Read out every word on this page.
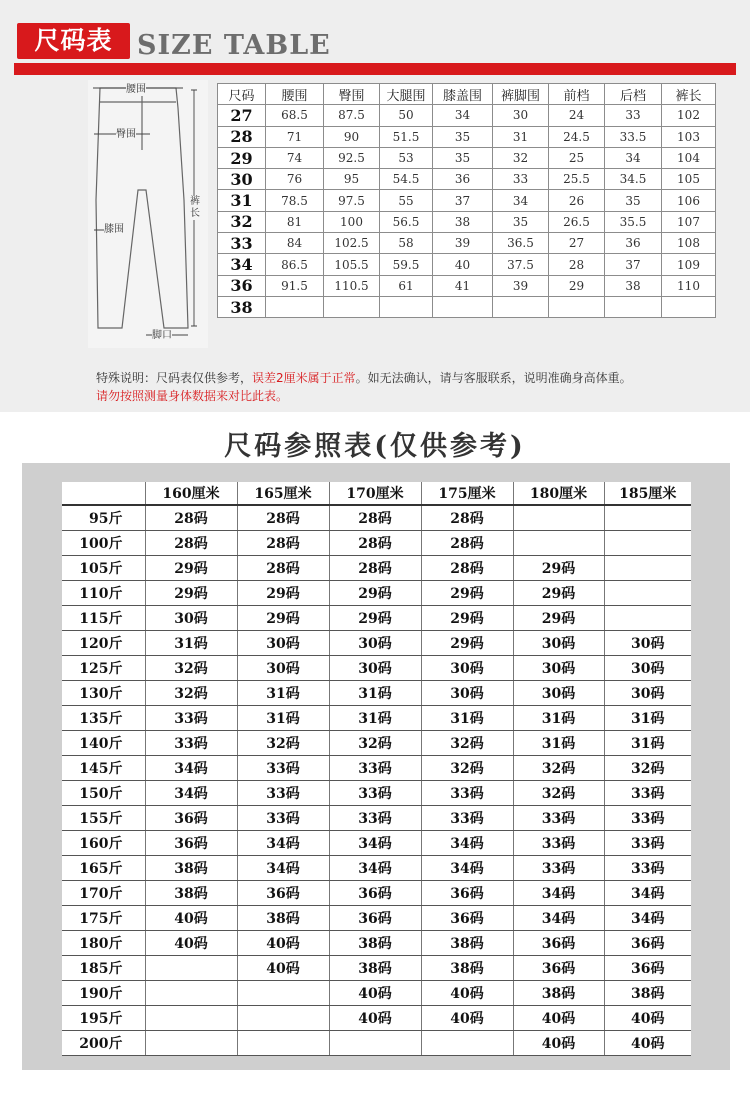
尺码表 SIZE TABLE
腰围
臀围
膝围
裤长
脚口
尺码	腰围	臀围	大腿围	膝盖围	裤脚围	前档	后档	裤长
27	68.5	87.5	50	34	30	24	33	102
28	71	90	51.5	35	31	24.5	33.5	103
29	74	92.5	53	35	32	25	34	104
30	76	95	54.5	36	33	25.5	34.5	105
31	78.5	97.5	55	37	34	26	35	106
32	81	100	56.5	38	35	26.5	35.5	107
33	84	102.5	58	39	36.5	27	36	108
34	86.5	105.5	59.5	40	37.5	28	37	109
36	91.5	110.5	61	41	39	29	38	110
38								
特殊说明：尺码表仅供参考，误差2厘米属于正常。如无法确认，请与客服联系，说明准确身高体重。
请勿按照测量身体数据来对比此表。
尺码参照表(仅供参考)
	160厘米	165厘米	170厘米	175厘米	180厘米	185厘米
95斤	28码	28码	28码	28码		
100斤	28码	28码	28码	28码		
105斤	29码	28码	28码	28码	29码	
110斤	29码	29码	29码	29码	29码	
115斤	30码	29码	29码	29码	29码	
120斤	31码	30码	30码	29码	30码	30码
125斤	32码	30码	30码	30码	30码	30码
130斤	32码	31码	31码	30码	30码	30码
135斤	33码	31码	31码	31码	31码	31码
140斤	33码	32码	32码	32码	31码	31码
145斤	34码	33码	33码	32码	32码	32码
150斤	34码	33码	33码	33码	32码	33码
155斤	36码	33码	33码	33码	33码	33码
160斤	36码	34码	34码	34码	33码	33码
165斤	38码	34码	34码	34码	33码	33码
170斤	38码	36码	36码	36码	34码	34码
175斤	40码	38码	36码	36码	34码	34码
180斤	40码	40码	38码	38码	36码	36码
185斤		40码	38码	38码	36码	36码
190斤			40码	40码	38码	38码
195斤			40码	40码	40码	40码
200斤					40码	40码
